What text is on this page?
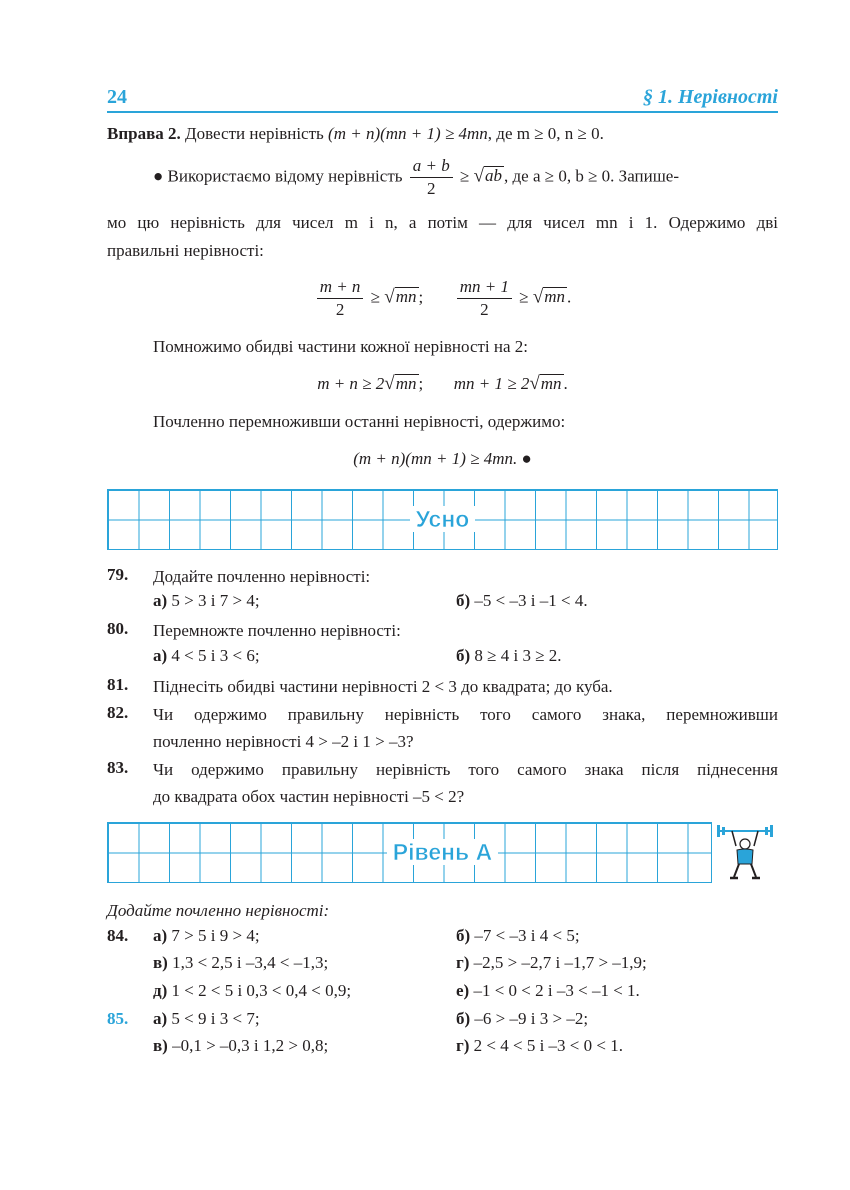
24	§ 1. Нерівності
Вправа 2. Довести нерівність (m + n)(mn + 1) ≥ 4mn, де m ≥ 0, n ≥ 0.
● Використаємо відому нерівність $\frac{a + b}{2} \ge √ab$ , де a ≥ 0, b ≥ 0. Запише-
мо цю нерівність для чисел m і n, а потім — для чисел mn і 1. Одержимо дві
правильні нерівності:
$\frac{m + n}{2} \ge √mn$ ; $\frac{mn + 1}{2} \ge √mn$ .
Помножимо обидві частини кожної нерівності на 2:
m + n ≥ 2√mn ; mn + 1 ≥ 2√mn .
Почленно перемноживши останні нерівності, одержимо:
(m + n)(mn + 1) ≥ 4mn. ●
Усно
79. Додайте почленно нерівності:
а) 5 > 3 і 7 > 4;	б) –5 < –3 і –1 < 4.
80. Перемножте почленно нерівності:
а) 4 < 5 і 3 < 6;	б) 8 ≥ 4 і 3 ≥ 2.
81. Піднесіть обидві частини нерівності 2 < 3 до квадрата; до куба.
82. Чи одержимо правильну нерівність того самого знака, перемноживши
почленно нерівності 4 > –2 і 1 > –3?
83. Чи одержимо правильну нерівність того самого знака після піднесення
до квадрата обох частин нерівності –5 < 2?
Рівень А
Додайте почленно нерівності:
84. а) 7 > 5 і 9 > 4;	б) –7 < –3 і 4 < 5;
в) 1,3 < 2,5 і –3,4 < –1,3;	г) –2,5 > –2,7 і –1,7 > –1,9;
д) 1 < 2 < 5 і 0,3 < 0,4 < 0,9;	е) –1 < 0 < 2 і –3 < –1 < 1.
85. а) 5 < 9 і 3 < 7;	б) –6 > –9 і 3 > –2;
в) –0,1 > –0,3 і 1,2 > 0,8;	г) 2 < 4 < 5 і –3 < 0 < 1.
